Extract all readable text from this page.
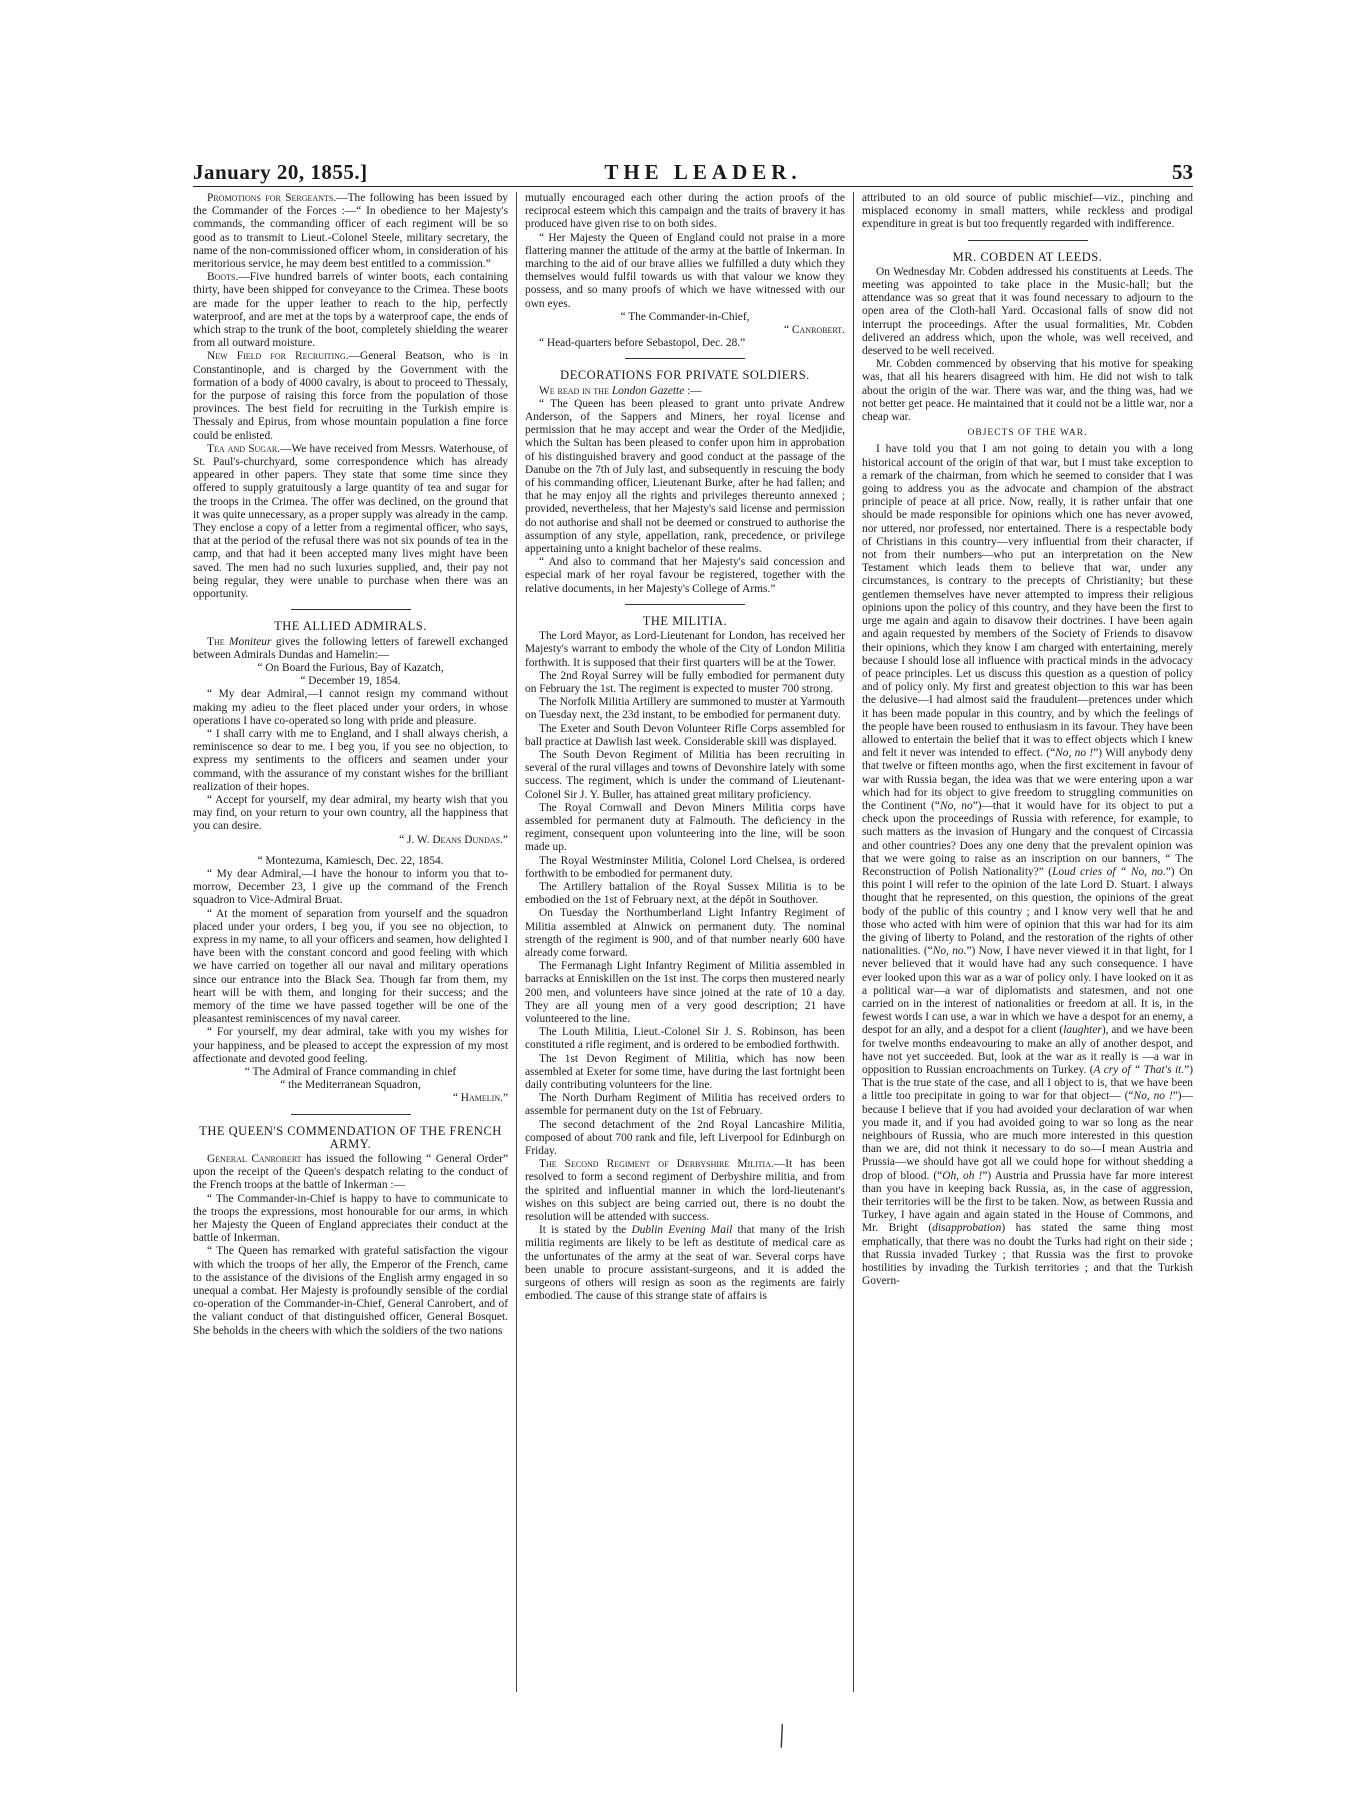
January 20, 1855.]	THE LEADER.	53

Promotions for Sergeants.—The following has been issued by the Commander of the Forces :—“ In obedience to her Majesty's commands, the commanding officer of each regiment will be so good as to transmit to Lieut.-Colonel Steele, military secretary, the name of the non-commissioned officer whom, in consideration of his meritorious service, he may deem best entitled to a commission.”

Boots.—Five hundred barrels of winter boots, each containing thirty, have been shipped for conveyance to the Crimea. These boots are made for the upper leather to reach to the hip, perfectly waterproof, and are met at the tops by a waterproof cape, the ends of which strap to the trunk of the boot, completely shielding the wearer from all outward moisture.

New Field for Recruiting.—General Beatson, who is in Constantinople, and is charged by the Government with the formation of a body of 4000 cavalry, is about to proceed to Thessaly, for the purpose of raising this force from the population of those provinces. The best field for recruiting in the Turkish empire is Thessaly and Epirus, from whose mountain population a fine force could be enlisted.

Tea and Sugar.—We have received from Messrs. Waterhouse, of St. Paul's-churchyard, some correspondence which has already appeared in other papers. They state that some time since they offered to supply gratuitously a large quantity of tea and sugar for the troops in the Crimea. The offer was declined, on the ground that it was quite unnecessary, as a proper supply was already in the camp. They enclose a copy of a letter from a regimental officer, who says, that at the period of the refusal there was not six pounds of tea in the camp, and that had it been accepted many lives might have been saved. The men had no such luxuries supplied, and, their pay not being regular, they were unable to purchase when there was an opportunity.

THE ALLIED ADMIRALS.

The Moniteur gives the following letters of farewell exchanged between Admirals Dundas and Hamelin:—

“ On Board the Furious, Bay of Kazatch,

“ December 19, 1854.

“ My dear Admiral,—I cannot resign my command without making my adieu to the fleet placed under your orders, in whose operations I have co-operated so long with pride and pleasure.

“ I shall carry with me to England, and I shall always cherish, a reminiscence so dear to me. I beg you, if you see no objection, to express my sentiments to the officers and seamen under your command, with the assurance of my constant wishes for the brilliant realization of their hopes.

“ Accept for yourself, my dear admiral, my hearty wish that you may find, on your return to your own country, all the happiness that you can desire.

“ J. W. Deans Dundas.”

“ Montezuma, Kamiesch, Dec. 22, 1854.

“ My dear Admiral,—I have the honour to inform you that to-morrow, December 23, I give up the command of the French squadron to Vice-Admiral Bruat.

“ At the moment of separation from yourself and the squadron placed under your orders, I beg you, if you see no objection, to express in my name, to all your officers and seamen, how delighted I have been with the constant concord and good feeling with which we have carried on together all our naval and military operations since our entrance into the Black Sea. Though far from them, my heart will be with them, and longing for their success; and the memory of the time we have passed together will be one of the pleasantest reminiscences of my naval career.

“ For yourself, my dear admiral, take with you my wishes for your happiness, and be pleased to accept the expression of my most affectionate and devoted good feeling.

“ The Admiral of France commanding in chief

“ the Mediterranean Squadron,

“ Hamelin.”

THE QUEEN'S COMMENDATION OF THE FRENCH ARMY.

General Canrobert has issued the following “ General Order” upon the receipt of the Queen's despatch relating to the conduct of the French troops at the battle of Inkerman :—

“ The Commander-in-Chief is happy to have to communicate to the troops the expressions, most honourable for our arms, in which her Majesty the Queen of England appreciates their conduct at the battle of Inkerman.

“ The Queen has remarked with grateful satisfaction the vigour with which the troops of her ally, the Emperor of the French, came to the assistance of the divisions of the English army engaged in so unequal a combat. Her Majesty is profoundly sensible of the cordial co-operation of the Commander-in-Chief, General Canrobert, and of the valiant conduct of that distinguished officer, General Bosquet. She beholds in the cheers with which the soldiers of the two nations

mutually encouraged each other during the action proofs of the reciprocal esteem which this campaign and the traits of bravery it has produced have given rise to on both sides.

“ Her Majesty the Queen of England could not praise in a more flattering manner the attitude of the army at the battle of Inkerman. In marching to the aid of our brave allies we fulfilled a duty which they themselves would fulfil towards us with that valour we know they possess, and so many proofs of which we have witnessed with our own eyes.

“ The Commander-in-Chief,

“ Canrobert.

“ Head-quarters before Sebastopol, Dec. 28.”

DECORATIONS FOR PRIVATE SOLDIERS.

We read in the London Gazette :—

“ The Queen has been pleased to grant unto private Andrew Anderson, of the Sappers and Miners, her royal license and permission that he may accept and wear the Order of the Medjidie, which the Sultan has been pleased to confer upon him in approbation of his distinguished bravery and good conduct at the passage of the Danube on the 7th of July last, and subsequently in rescuing the body of his commanding officer, Lieutenant Burke, after he had fallen; and that he may enjoy all the rights and privileges thereunto annexed ; provided, nevertheless, that her Majesty's said license and permission do not authorise and shall not be deemed or construed to authorise the assumption of any style, appellation, rank, precedence, or privilege appertaining unto a knight bachelor of these realms.

“ And also to command that her Majesty's said concession and especial mark of her royal favour be registered, together with the relative documents, in her Majesty's College of Arms.”

THE MILITIA.

The Lord Mayor, as Lord-Lieutenant for London, has received her Majesty's warrant to embody the whole of the City of London Militia forthwith. It is supposed that their first quarters will be at the Tower.

The 2nd Royal Surrey will be fully embodied for permanent duty on February the 1st. The regiment is expected to muster 700 strong.

The Norfolk Militia Artillery are summoned to muster at Yarmouth on Tuesday next, the 23d instant, to be embodied for permanent duty.

The Exeter and South Devon Volunteer Rifle Corps assembled for ball practice at Dawlish last week. Considerable skill was displayed.

The South Devon Regiment of Militia has been recruiting in several of the rural villages and towns of Devonshire lately with some success. The regiment, which is under the command of Lieutenant-Colonel Sir J. Y. Buller, has attained great military proficiency.

The Royal Cornwall and Devon Miners Militia corps have assembled for permanent duty at Falmouth. The deficiency in the regiment, consequent upon volunteering into the line, will be soon made up.

The Royal Westminster Militia, Colonel Lord Chelsea, is ordered forthwith to be embodied for permanent duty.

The Artillery battalion of the Royal Sussex Militia is to be embodied on the 1st of February next, at the dépôt in Southover.

On Tuesday the Northumberland Light Infantry Regiment of Militia assembled at Alnwick on permanent duty. The nominal strength of the regiment is 900, and of that number nearly 600 have already come forward.

The Fermanagh Light Infantry Regiment of Militia assembled in barracks at Enniskillen on the 1st inst. The corps then mustered nearly 200 men, and volunteers have since joined at the rate of 10 a day. They are all young men of a very good description; 21 have volunteered to the line.

The Louth Militia, Lieut.-Colonel Sir J. S. Robinson, has been constituted a rifle regiment, and is ordered to be embodied forthwith.

The 1st Devon Regiment of Militia, which has now been assembled at Exeter for some time, have during the last fortnight been daily contributing volunteers for the line.

The North Durham Regiment of Militia has received orders to assemble for permanent duty on the 1st of February.

The second detachment of the 2nd Royal Lancashire Militia, composed of about 700 rank and file, left Liverpool for Edinburgh on Friday.

The Second Regiment of Derbyshire Militia.—It has been resolved to form a second regiment of Derbyshire militia, and from the spirited and influential manner in which the lord-lieutenant's wishes on this subject are being carried out, there is no doubt the resolution will be attended with success.

It is stated by the Dublin Evening Mail that many of the Irish militia regiments are likely to be left as destitute of medical care as the unfortunates of the army at the seat of war. Several corps have been unable to procure assistant-surgeons, and it is added the surgeons of others will resign as soon as the regiments are fairly embodied. The cause of this strange state of affairs is

attributed to an old source of public mischief—viz., pinching and misplaced economy in small matters, while reckless and prodigal expenditure in great is but too frequently regarded with indifference.

MR. COBDEN AT LEEDS.

On Wednesday Mr. Cobden addressed his constituents at Leeds. The meeting was appointed to take place in the Music-hall; but the attendance was so great that it was found necessary to adjourn to the open area of the Cloth-hall Yard. Occasional falls of snow did not interrupt the proceedings. After the usual formalities, Mr. Cobden delivered an address which, upon the whole, was well received, and deserved to be well received.

Mr. Cobden commenced by observing that his motive for speaking was, that all his hearers disagreed with him. He did not wish to talk about the origin of the war. There was war, and the thing was, had we not better get peace. He maintained that it could not be a little war, nor a cheap war.

OBJECTS OF THE WAR.

I have told you that I am not going to detain you with a long historical account of the origin of that war, but I must take exception to a remark of the chairman, from which he seemed to consider that I was going to address you as the advocate and champion of the abstract principle of peace at all price. Now, really, it is rather unfair that one should be made responsible for opinions which one has never avowed, nor uttered, nor professed, nor entertained. There is a respectable body of Christians in this country—very influential from their character, if not from their numbers—who put an interpretation on the New Testament which leads them to believe that war, under any circumstances, is contrary to the precepts of Christianity; but these gentlemen themselves have never attempted to impress their religious opinions upon the policy of this country, and they have been the first to urge me again and again to disavow their doctrines. I have been again and again requested by members of the Society of Friends to disavow their opinions, which they know I am charged with entertaining, merely because I should lose all influence with practical minds in the advocacy of peace principles. Let us discuss this question as a question of policy and of policy only. My first and greatest objection to this war has been the delusive—I had almost said the fraudulent—pretences under which it has been made popular in this country, and by which the feelings of the people have been roused to enthusiasm in its favour. They have been allowed to entertain the belief that it was to effect objects which I knew and felt it never was intended to effect. (“No, no !”) Will anybody deny that twelve or fifteen months ago, when the first excitement in favour of war with Russia began, the idea was that we were entering upon a war which had for its object to give freedom to struggling communities on the Continent (“No, no”)—that it would have for its object to put a check upon the proceedings of Russia with reference, for example, to such matters as the invasion of Hungary and the conquest of Circassia and other countries? Does any one deny that the prevalent opinion was that we were going to raise as an inscription on our banners, “ The Reconstruction of Polish Nationality?” (Loud cries of “ No, no.”) On this point I will refer to the opinion of the late Lord D. Stuart. I always thought that he represented, on this question, the opinions of the great body of the public of this country ; and I know very well that he and those who acted with him were of opinion that this war had for its aim the giving of liberty to Poland, and the restoration of the rights of other nationalities. (“No, no.”) Now, I have never viewed it in that light, for I never believed that it would have had any such consequence. I have ever looked upon this war as a war of policy only. I have looked on it as a political war—a war of diplomatists and statesmen, and not one carried on in the interest of nationalities or freedom at all. It is, in the fewest words I can use, a war in which we have a despot for an enemy, a despot for an ally, and a despot for a client (laughter), and we have been for twelve months endeavouring to make an ally of another despot, and have not yet succeeded. But, look at the war as it really is —a war in opposition to Russian encroachments on Turkey. (A cry of “ That's it.”) That is the true state of the case, and all I object to is, that we have been a little too precipitate in going to war for that object— (“No, no !”)—because I believe that if you had avoided your declaration of war when you made it, and if you had avoided going to war so long as the near neighbours of Russia, who are much more interested in this question than we are, did not think it necessary to do so—I mean Austria and Prussia—we should have got all we could hope for without shedding a drop of blood. (“Oh, oh !”) Austria and Prussia have far more interest than you have in keeping back Russia, as, in the case of aggression, their territories will be the first to be taken. Now, as between Russia and Turkey, I have again and again stated in the House of Commons, and Mr. Bright (disapprobation) has stated the same thing most emphatically, that there was no doubt the Turks had right on their side ; that Russia invaded Turkey ; that Russia was the first to provoke hostilities by invading the Turkish territories ; and that the Turkish Govern-

╲
